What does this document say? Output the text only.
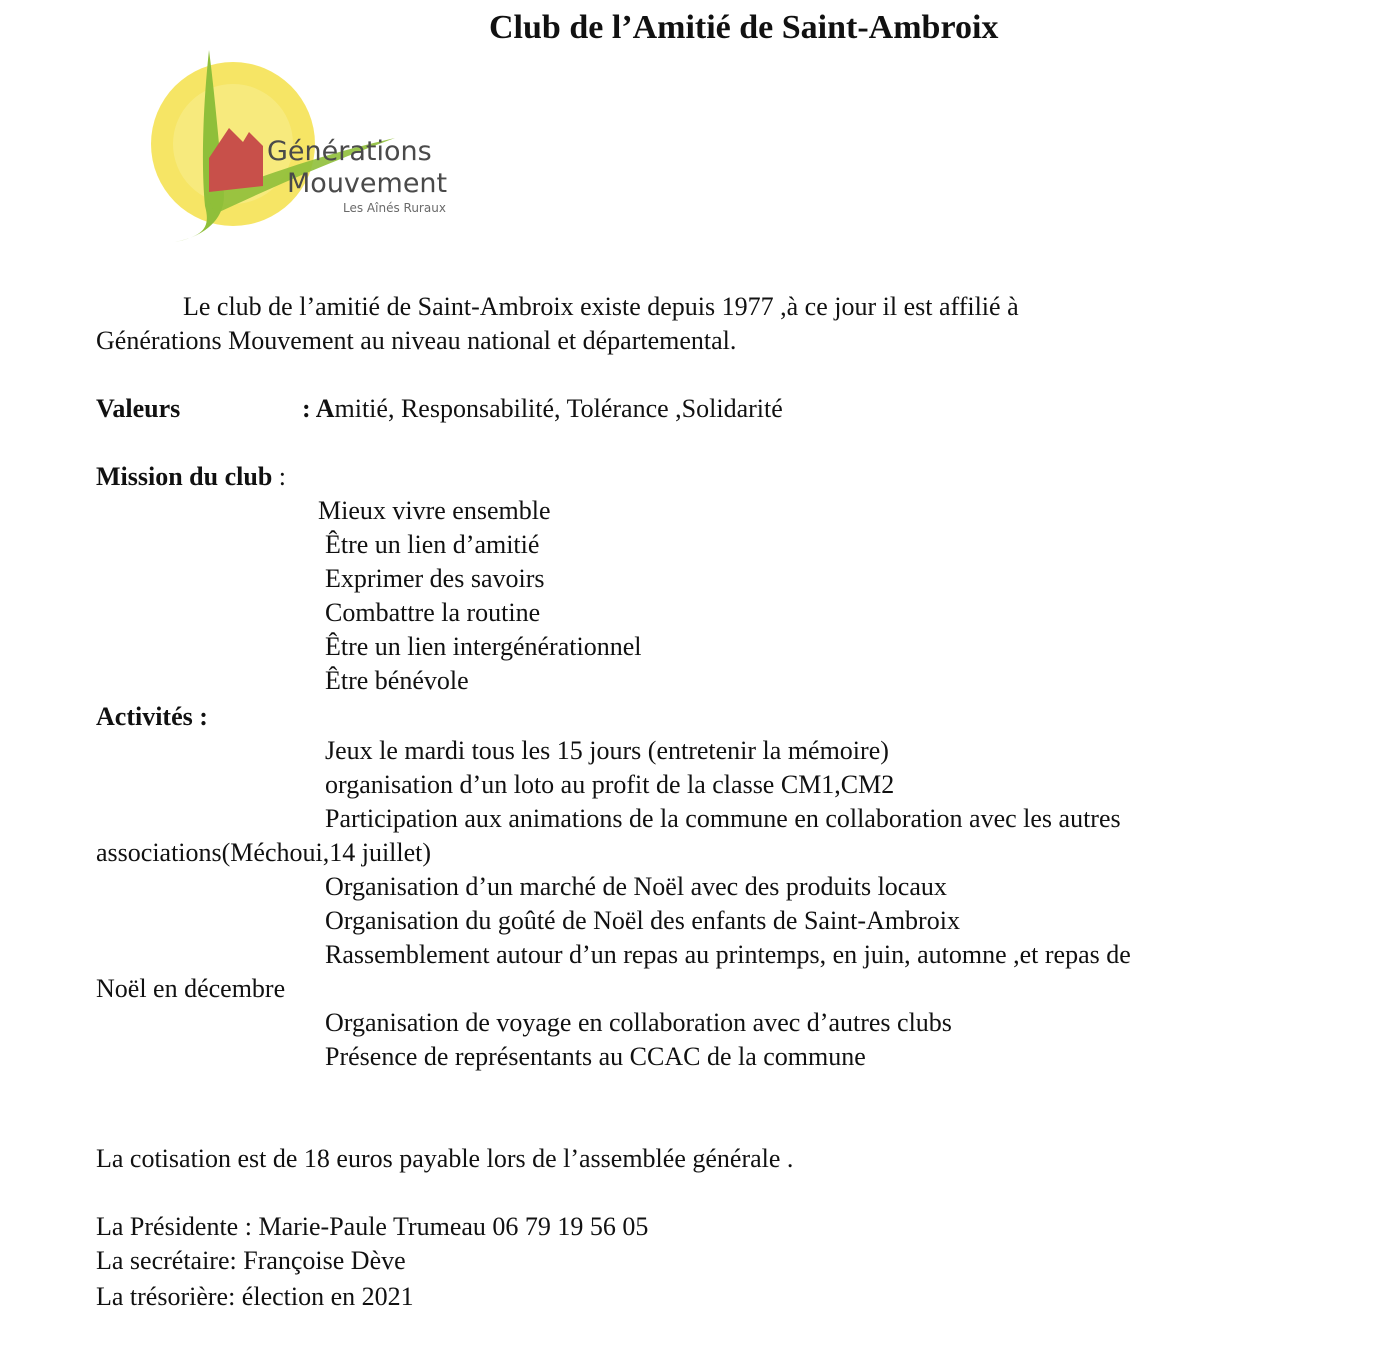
Club de l’Amitié de Saint-Ambroix
Générations
Mouvement
Les Aînés Ruraux
Le club de l’amitié de Saint-Ambroix existe depuis 1977 ,à ce jour il est affilié à
Générations Mouvement au niveau national et départemental.
Valeurs	: Amitié, Responsabilité, Tolérance ,Solidarité
Mission du club :
Mieux vivre ensemble
Être un lien d’amitié
Exprimer des savoirs
Combattre la routine
Être un lien intergénérationnel
Être bénévole
Activités :
Jeux le mardi tous les 15 jours (entretenir la mémoire)
organisation d’un loto au profit de la classe CM1,CM2
Participation aux animations de la commune en collaboration avec les autres
associations(Méchoui,14 juillet)
Organisation d’un marché de Noël avec des produits locaux
Organisation du goûté de Noël des enfants de Saint-Ambroix
Rassemblement autour d’un repas au printemps, en juin, automne ,et repas de
Noël en décembre
Organisation de voyage en collaboration avec d’autres clubs
Présence de représentants au CCAC de la commune
La cotisation est de 18 euros payable lors de l’assemblée générale .
La Présidente : Marie-Paule Trumeau 06 79 19 56 05
La secrétaire: Françoise Dève
La trésorière: élection en 2021
